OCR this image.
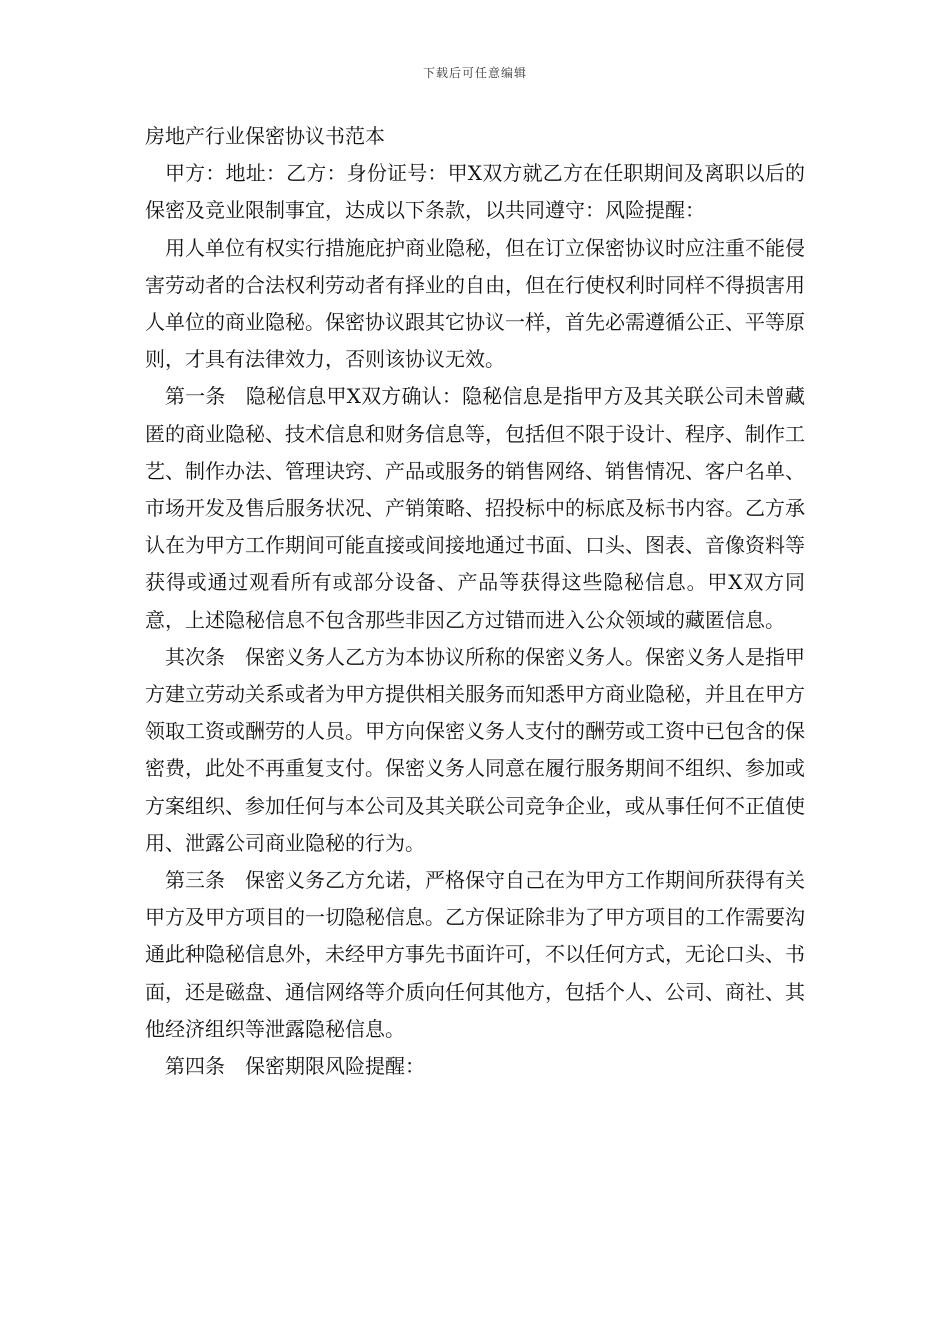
下载后可任意编辑

房地产行业保密协议书范本

甲方：地址：乙方：身份证号：甲Ⅹ双方就乙方在任职期间及离职以后的保密及竞业限制事宜，达成以下条款，以共同遵守：风险提醒：

用人单位有权实行措施庇护商业隐秘，但在订立保密协议时应注重不能侵害劳动者的合法权利劳动者有择业的自由，但在行使权利时同样不得损害用人单位的商业隐秘。保密协议跟其它协议一样，首先必需遵循公正、平等原则，才具有法律效力，否则该协议无效。

第一条　隐秘信息甲Ⅹ双方确认：隐秘信息是指甲方及其关联公司未曾藏匿的商业隐秘、技术信息和财务信息等，包括但不限于设计、程序、制作工艺、制作办法、管理诀窍、产品或服务的销售网络、销售情况、客户名单、市场开发及售后服务状况、产销策略、招投标中的标底及标书内容。乙方承认在为甲方工作期间可能直接或间接地通过书面、口头、图表、音像资料等获得或通过观看所有或部分设备、产品等获得这些隐秘信息。甲Ⅹ双方同意，上述隐秘信息不包含那些非因乙方过错而进入公众领域的藏匿信息。

其次条　保密义务人乙方为本协议所称的保密义务人。保密义务人是指甲方建立劳动关系或者为甲方提供相关服务而知悉甲方商业隐秘，并且在甲方领取工资或酬劳的人员。甲方向保密义务人支付的酬劳或工资中已包含的保密费，此处不再重复支付。保密义务人同意在履行服务期间不组织、参加或方案组织、参加任何与本公司及其关联公司竞争企业，或从事任何不正值使用、泄露公司商业隐秘的行为。

第三条　保密义务乙方允诺，严格保守自己在为甲方工作期间所获得有关甲方及甲方项目的一切隐秘信息。乙方保证除非为了甲方项目的工作需要沟通此种隐秘信息外，未经甲方事先书面许可，不以任何方式，无论口头、书面，还是磁盘、通信网络等介质向任何其他方，包括个人、公司、商社、其他经济组织等泄露隐秘信息。

第四条　保密期限风险提醒：
